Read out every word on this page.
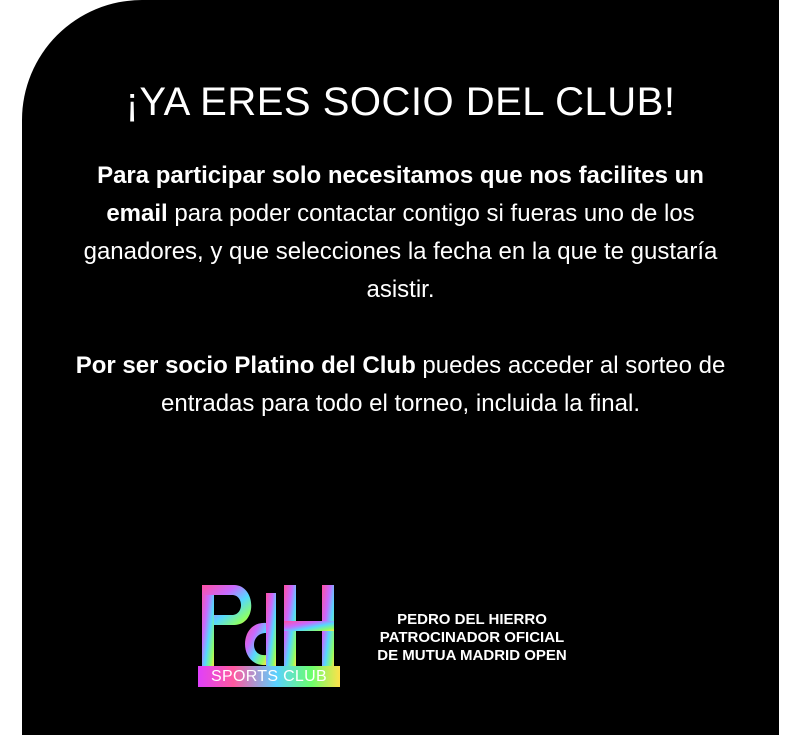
¡YA ERES SOCIO DEL CLUB!

Para participar solo necesitamos que nos facilites un email para poder contactar contigo si fueras uno de los ganadores, y que selecciones la fecha en la que te gustaría asistir.

Por ser socio Platino del Club puedes acceder al sorteo de entradas para todo el torneo, incluida la final.

PdH
SPORTS CLUB
PEDRO DEL HIERRO
PATROCINADOR OFICIAL
DE MUTUA MADRID OPEN
